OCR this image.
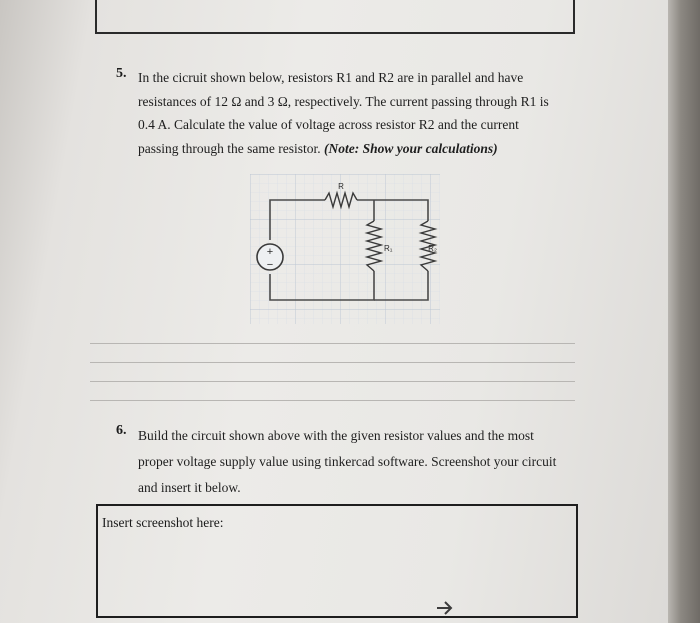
5. In the cicruit shown below, resistors R1 and R2 are in parallel and have
resistances of 12 Ω and 3 Ω, respectively. The current passing through R1 is
0.4 A. Calculate the value of voltage across resistor R2 and the current
passing through the same resistor. (Note: Show your calculations)
+
−
R
R₁	R₂
6. Build the circuit shown above with the given resistor values and the most
proper voltage supply value using tinkercad software. Screenshot your circuit
and insert it below.
Insert screenshot here:
